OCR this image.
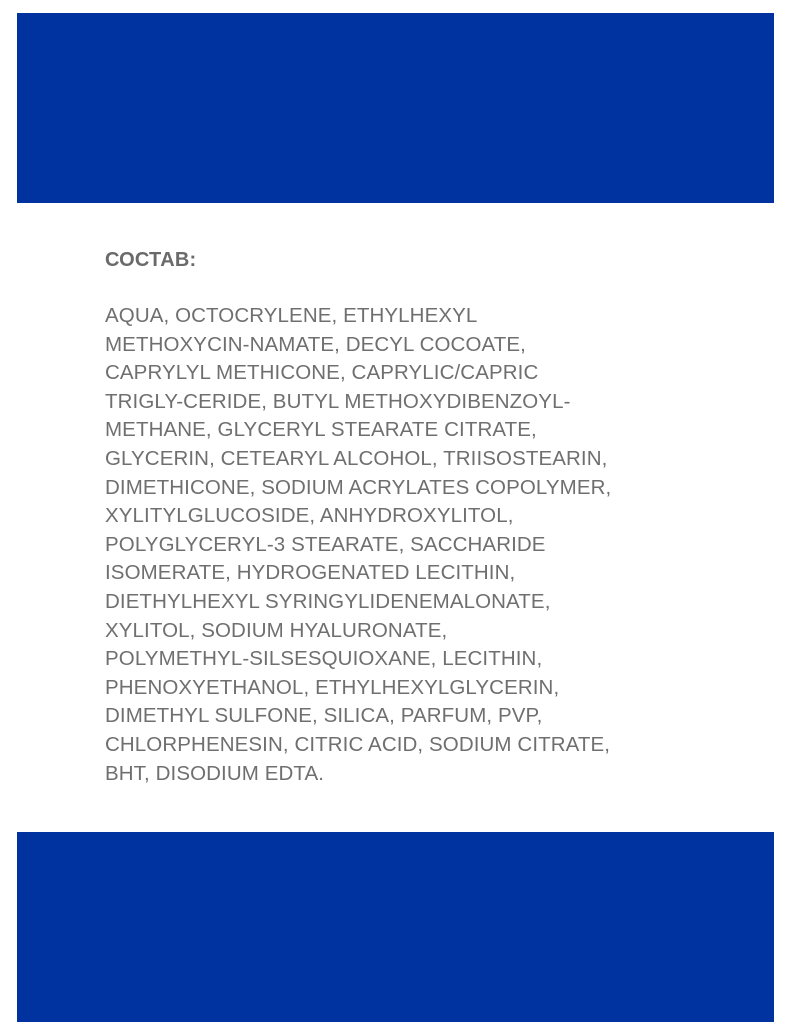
СОСТАВ:
AQUA, OCTOCRYLENE, ETHYLHEXYL
METHOXYCIN-NAMATE, DECYL COCOATE,
CAPRYLYL METHICONE, CAPRYLIC/CAPRIC
TRIGLY-CERIDE, BUTYL METHOXYDIBENZOYL-
METHANE, GLYCERYL STEARATE CITRATE,
GLYCERIN, CETEARYL ALCOHOL, TRIISOSTEARIN,
DIMETHICONE, SODIUM ACRYLATES COPOLYMER,
XYLITYLGLUCOSIDE, ANHYDROXYLITOL,
POLYGLYCERYL-3 STEARATE, SACCHARIDE
ISOMERATE, HYDROGENATED LECITHIN,
DIETHYLHEXYL SYRINGYLIDENEMALONATE,
XYLITOL, SODIUM HYALURONATE,
POLYMETHYL-SILSESQUIOXANE, LECITHIN,
PHENOXYETHANOL, ETHYLHEXYLGLYCERIN,
DIMETHYL SULFONE, SILICA, PARFUM, PVP,
CHLORPHENESIN, CITRIC ACID, SODIUM CITRATE,
BHT, DISODIUM EDTA.
